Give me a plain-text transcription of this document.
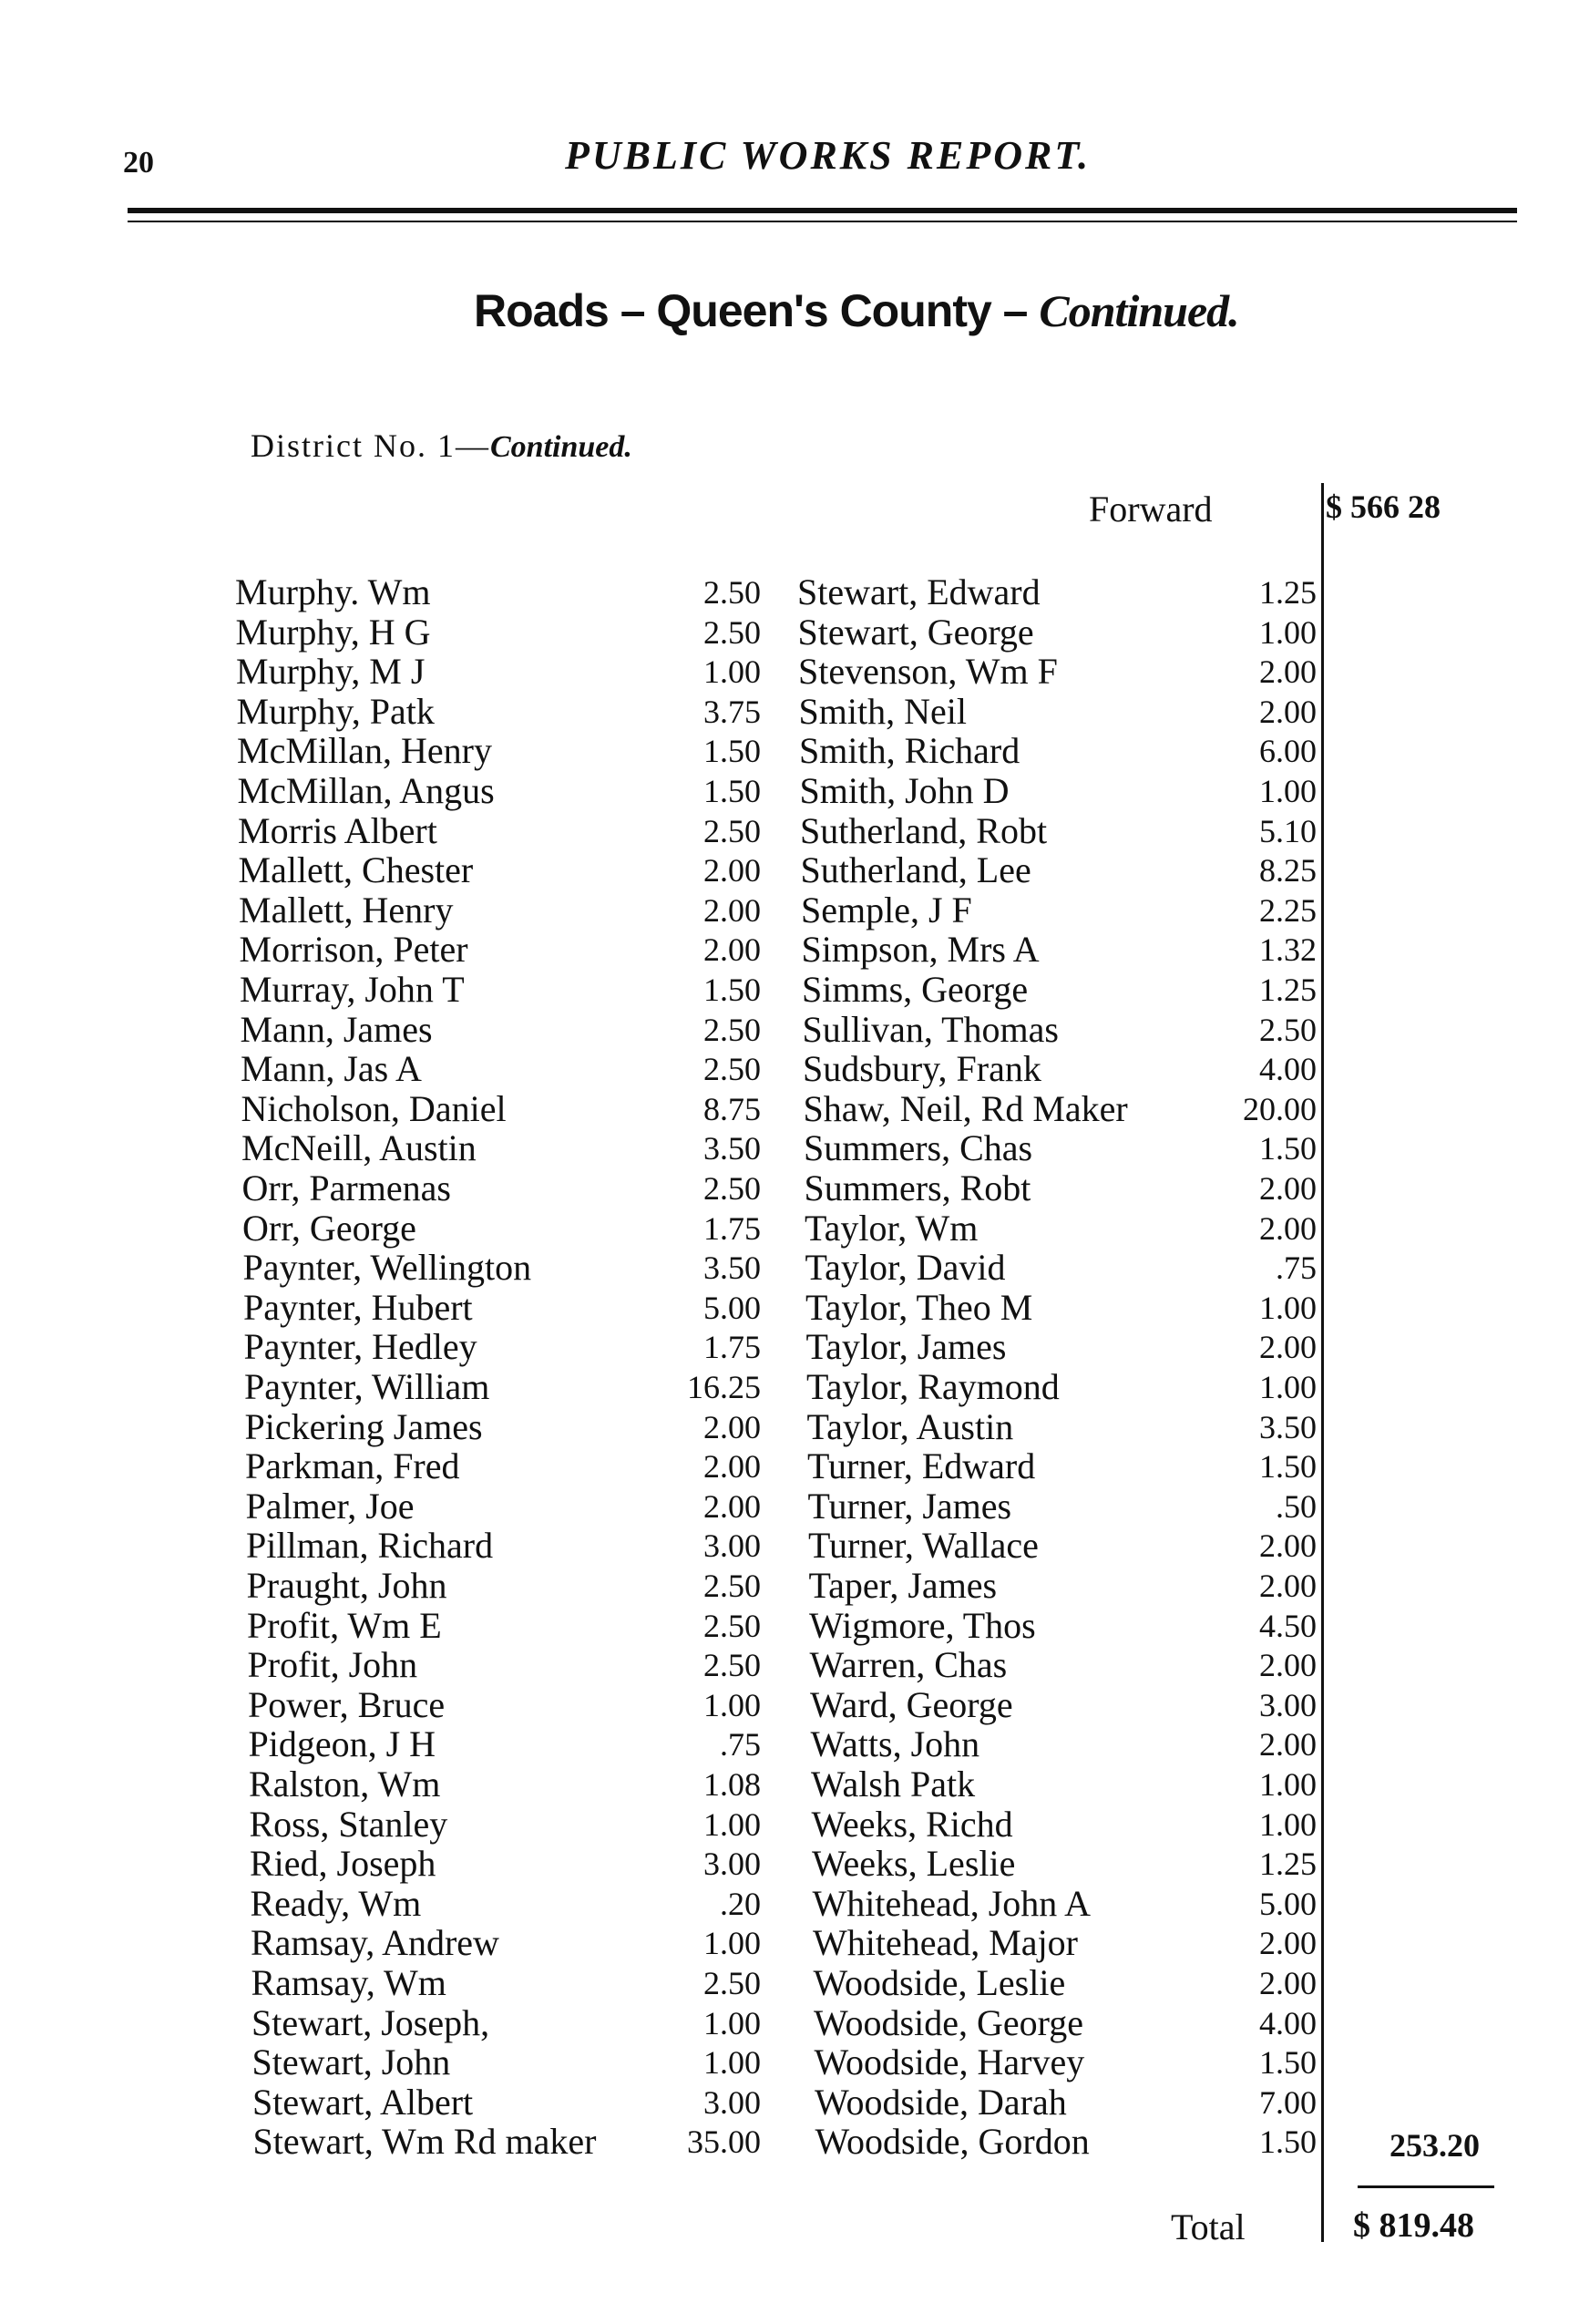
20	PUBLIC WORKS REPORT.
Roads – Queen's County – Continued.
District No. 1—Continued.
Forward	$ 566 28
Murphy. Wm	2.50 Stewart, Edward	1.25
Murphy, H G	2.50 Stewart, George	1.00
Murphy, M J	1.00 Stevenson, Wm F	2.00
Murphy, Patk	3.75 Smith, Neil	2.00
McMillan, Henry	1.50 Smith, Richard	6.00
McMillan, Angus	1.50 Smith, John D	1.00
Morris Albert	2.50 Sutherland, Robt	5.10
Mallett, Chester	2.00 Sutherland, Lee	8.25
Mallett, Henry	2.00 Semple, J F	2.25
Morrison, Peter	2.00 Simpson, Mrs A	1.32
Murray, John T	1.50 Simms, George	1.25
Mann, James	2.50 Sullivan, Thomas	2.50
Mann, Jas A	2.50 Sudsbury, Frank	4.00
Nicholson, Daniel	8.75 Shaw, Neil, Rd Maker	20.00
McNeill, Austin	3.50 Summers, Chas	1.50
Orr, Parmenas	2.50 Summers, Robt	2.00
Orr, George	1.75 Taylor, Wm	2.00
Paynter, Wellington	3.50 Taylor, David	.75
Paynter, Hubert	5.00 Taylor, Theo M	1.00
Paynter, Hedley	1.75 Taylor, James	2.00
Paynter, William	16.25 Taylor, Raymond	1.00
Pickering James	2.00 Taylor, Austin	3.50
Parkman, Fred	2.00 Turner, Edward	1.50
Palmer, Joe	2.00 Turner, James	.50
Pillman, Richard	3.00 Turner, Wallace	2.00
Praught, John	2.50 Taper, James	2.00
Profit, Wm E	2.50 Wigmore, Thos	4.50
Profit, John	2.50 Warren, Chas	2.00
Power, Bruce	1.00 Ward, George	3.00
Pidgeon, J H	.75 Watts, John	2.00
Ralston, Wm	1.08 Walsh Patk	1.00
Ross, Stanley	1.00 Weeks, Richd	1.00
Ried, Joseph	3.00 Weeks, Leslie	1.25
Ready, Wm	.20 Whitehead, John A	5.00
Ramsay, Andrew	1.00 Whitehead, Major	2.00
Ramsay, Wm	2.50 Woodside, Leslie	2.00
Stewart, Joseph,	1.00 Woodside, George	4.00
Stewart, John	1.00 Woodside, Harvey	1.50
Stewart, Albert	3.00 Woodside, Darah	7.00
Stewart, Wm Rd maker	35.00 Woodside, Gordon	1.50 253.20
Total	$ 819.48
